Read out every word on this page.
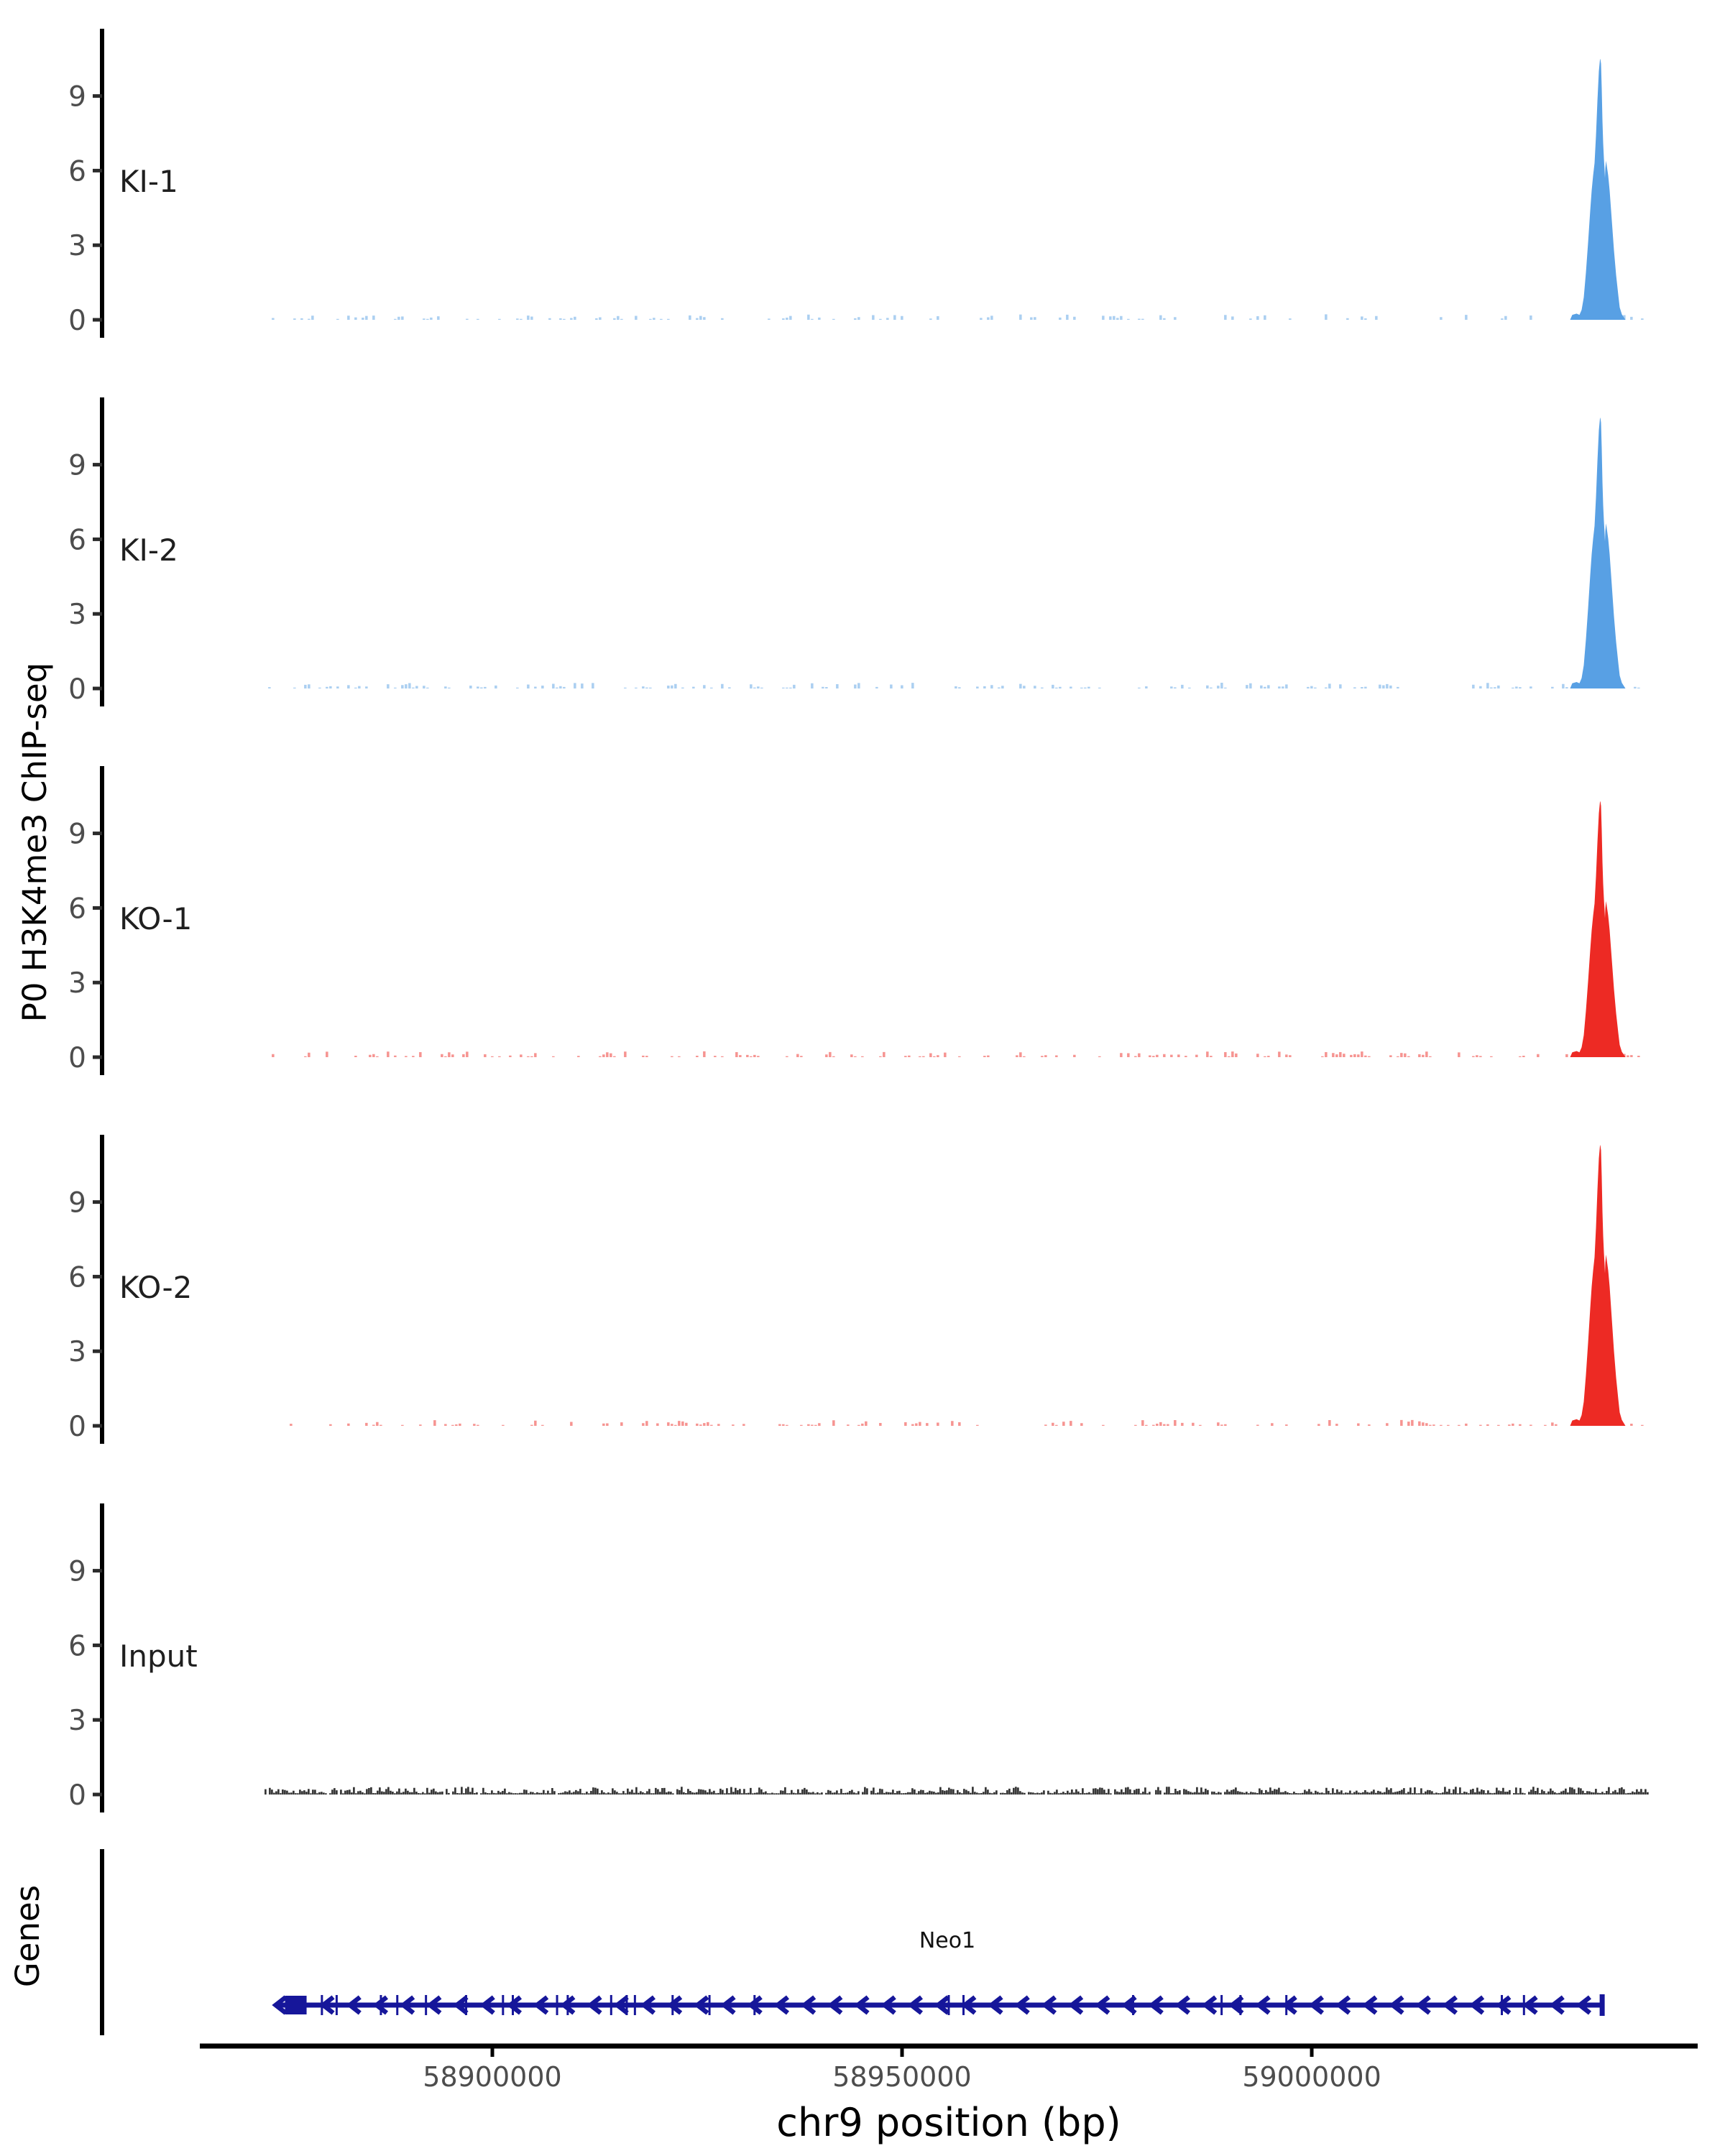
0
3
6
9
KI-1
0
3
6
9
KI-2
0
3
6
9
KO-1
0
3
6
9
KO-2
0
3
6
9
Input
58900000	58950000	59000000
P0 H3K4me3 ChIP-seq
Genes
chr9 position (bp)
Neo1
